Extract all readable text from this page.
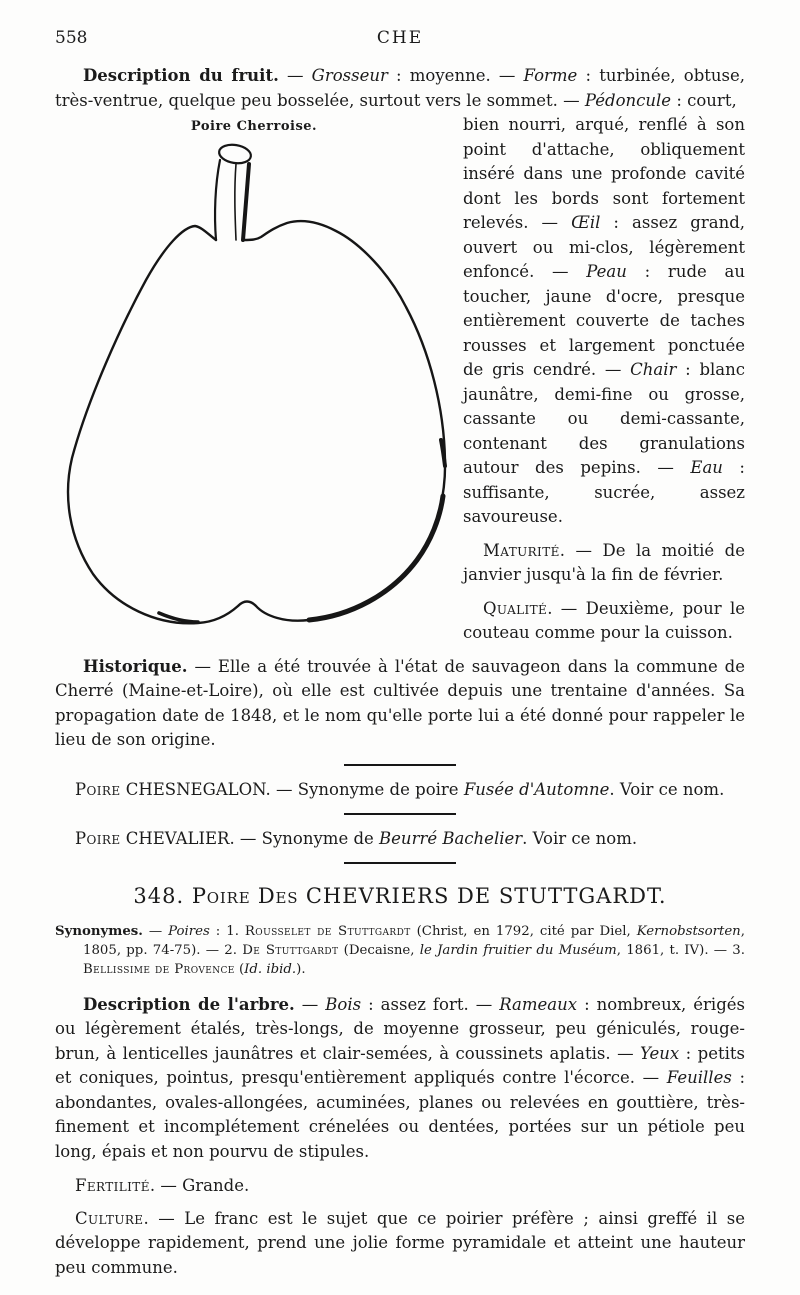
558	CHE

Description du fruit. — Grosseur : moyenne. — Forme : turbinée, obtuse, très-ventrue, quelque peu bosselée, surtout vers le sommet. — Pédoncule : court,

Poire Cherroise.	bien nourri, arqué, renflé à son point d'attache, obliquement inséré dans une profonde cavité dont les bords sont fortement relevés. — Œil : assez grand, ouvert ou mi-clos, légèrement enfoncé. — Peau : rude au toucher, jaune d'ocre, presque entièrement couverte de taches rousses et largement ponctuée de gris cendré. — Chair : blanc jaunâtre, demi-fine ou grosse, cassante ou demi-cassante, contenant des granulations autour des pepins. — Eau : suffisante, sucrée, assez savoureuse.

Maturité. — De la moitié de janvier jusqu'à la fin de février.

Qualité. — Deuxième, pour le couteau comme pour la cuisson.

Historique. — Elle a été trouvée à l'état de sauvageon dans la commune de Cherré (Maine-et-Loire), où elle est cultivée depuis une trentaine d'années. Sa propagation date de 1848, et le nom qu'elle porte lui a été donné pour rappeler le lieu de son origine.

Poire CHESNEGALON. — Synonyme de poire Fusée d'Automne. Voir ce nom.

Poire CHEVALIER. — Synonyme de Beurré Bachelier. Voir ce nom.

348. Poire Des CHEVRIERS DE STUTTGARDT.

Synonymes. — Poires : 1. Rousselet de Stuttgardt (Christ, en 1792, cité par Diel, Kernobstsorten, 1805, pp. 74-75). — 2. De Stuttgardt (Decaisne, le Jardin fruitier du Muséum, 1861, t. IV). — 3. Bellissime de Provence (Id. ibid.).

Description de l'arbre. — Bois : assez fort. — Rameaux : nombreux, érigés ou légèrement étalés, très-longs, de moyenne grosseur, peu géniculés, rouge-brun, à lenticelles jaunâtres et clair-semées, à coussinets aplatis. — Yeux : petits et coniques, pointus, presqu'entièrement appliqués contre l'écorce. — Feuilles : abondantes, ovales-allongées, acuminées, planes ou relevées en gouttière, très-finement et incomplétement crénelées ou dentées, portées sur un pétiole peu long, épais et non pourvu de stipules.

Fertilité. — Grande.

Culture. — Le franc est le sujet que ce poirier préfère ; ainsi greffé il se développe rapidement, prend une jolie forme pyramidale et atteint une hauteur peu commune.
